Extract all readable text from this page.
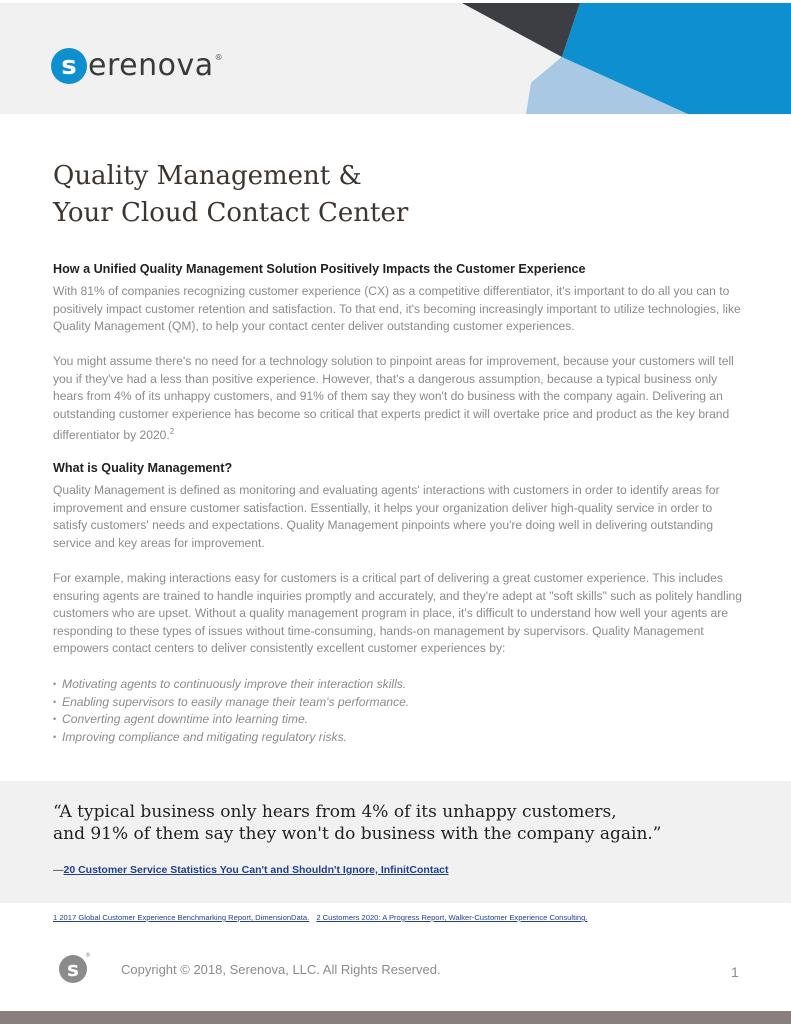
s erenova ®
Quality Management &
Your Cloud Contact Center
How a Unified Quality Management Solution Positively Impacts the Customer Experience

With 81% of companies recognizing customer experience (CX) as a competitive differentiator, it's important to do all you can to positively impact customer retention and satisfaction. To that end, it's becoming increasingly important to utilize technologies, like Quality Management (QM), to help your contact center deliver outstanding customer experiences.

You might assume there's no need for a technology solution to pinpoint areas for improvement, because your customers will tell you if they've had a less than positive experience. However, that's a dangerous assumption, because a typical business only hears from 4% of its unhappy customers, and 91% of them say they won't do business with the company again. Delivering an outstanding customer experience has become so critical that experts predict it will overtake price and product as the key brand differentiator by 2020.$^2$

What is Quality Management?

Quality Management is defined as monitoring and evaluating agents' interactions with customers in order to identify areas for improvement and ensure customer satisfaction. Essentially, it helps your organization deliver high-quality service in order to satisfy customers' needs and expectations. Quality Management pinpoints where you're doing well in delivering outstanding service and key areas for improvement.

For example, making interactions easy for customers is a critical part of delivering a great customer experience. This includes ensuring agents are trained to handle inquiries promptly and accurately, and they're adept at "soft skills" such as politely handling customers who are upset. Without a quality management program in place, it's difficult to understand how well your agents are responding to these types of issues without time-consuming, hands-on management by supervisors. Quality Management empowers contact centers to deliver consistently excellent customer experiences by:

• Motivating agents to continuously improve their interaction skills.
• Enabling supervisors to easily manage their team's performance.
• Converting agent downtime into learning time.
• Improving compliance and mitigating regulatory risks.
“A typical business only hears from 4% of its unhappy customers,
and 91% of them say they won't do business with the company again.”
—20 Customer Service Statistics You Can't and Shouldn't Ignore, InfinitContact
1 2017 Global Customer Experience Benchmarking Report, DimensionData. 2 Customers 2020: A Progress Report, Walker-Customer Experience Consulting.
s
®
Copyright © 2018, Serenova, LLC. All Rights Reserved.	1
